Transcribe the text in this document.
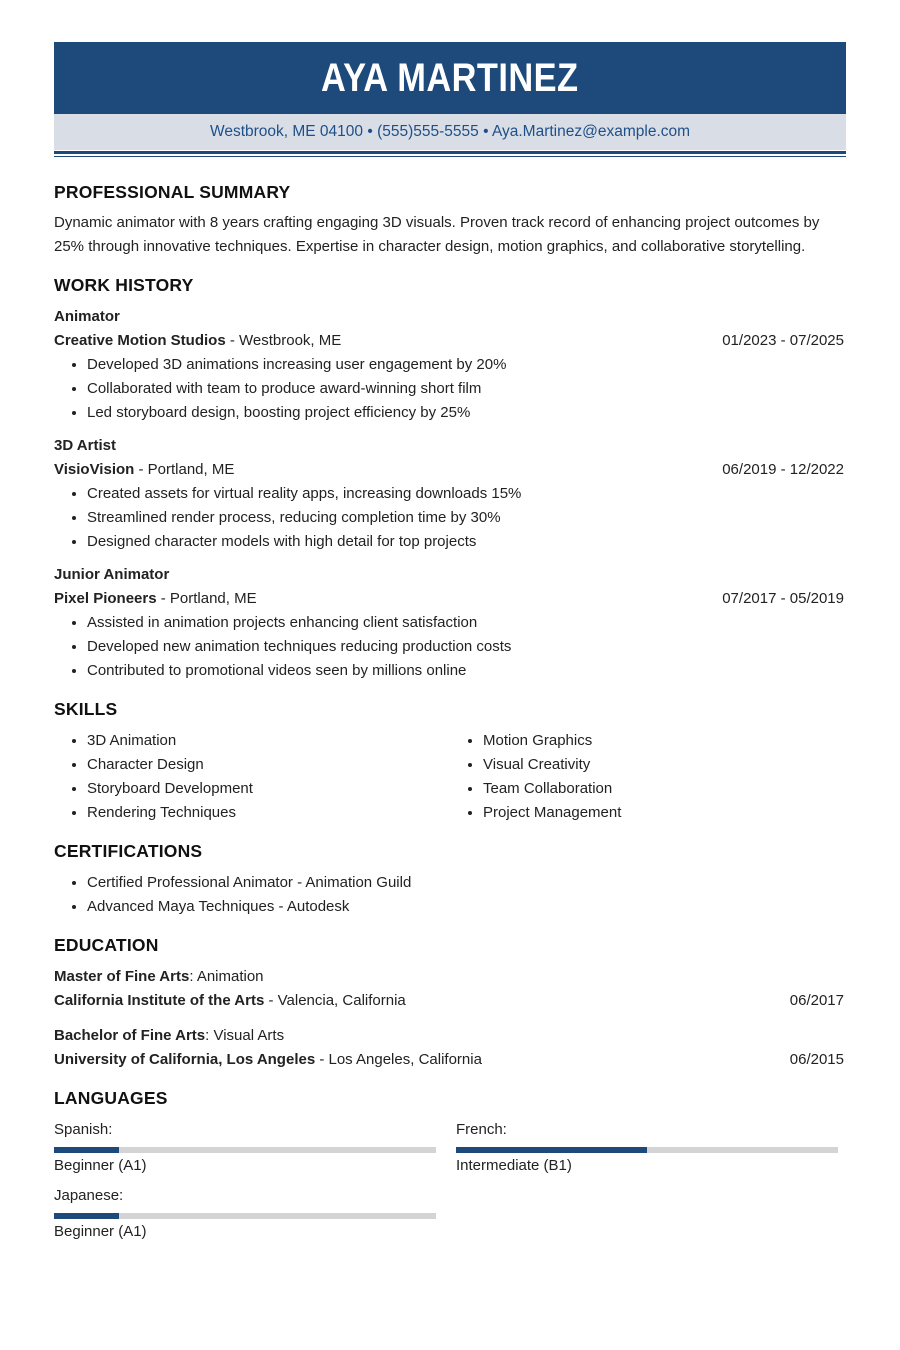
AYA MARTINEZ
Westbrook, ME 04100 • (555)555-5555 • Aya.Martinez@example.com
PROFESSIONAL SUMMARY

Dynamic animator with 8 years crafting engaging 3D visuals. Proven track record of enhancing project outcomes by 25% through innovative techniques. Expertise in character design, motion graphics, and collaborative storytelling.

WORK HISTORY
Animator
Creative Motion Studios - Westbrook, ME	01/2023 - 07/2025
• Developed 3D animations increasing user engagement by 20%
• Collaborated with team to produce award-winning short film
• Led storyboard design, boosting project efficiency by 25%
3D Artist
VisioVision - Portland, ME	06/2019 - 12/2022
• Created assets for virtual reality apps, increasing downloads 15%
• Streamlined render process, reducing completion time by 30%
• Designed character models with high detail for top projects
Junior Animator
Pixel Pioneers - Portland, ME	07/2017 - 05/2019
• Assisted in animation projects enhancing client satisfaction
• Developed new animation techniques reducing production costs
• Contributed to promotional videos seen by millions online
SKILLS
• 3D Animation
• Character Design
• Storyboard Development
• Rendering Techniques
• Motion Graphics
• Visual Creativity
• Team Collaboration
• Project Management
CERTIFICATIONS
• Certified Professional Animator - Animation Guild
• Advanced Maya Techniques - Autodesk
EDUCATION
Master of Fine Arts: Animation
California Institute of the Arts - Valencia, California	06/2017
Bachelor of Fine Arts: Visual Arts
University of California, Los Angeles - Los Angeles, California	06/2015
LANGUAGES
Spanish:
Beginner (A1)
French:
Intermediate (B1)
Japanese:
Beginner (A1)
